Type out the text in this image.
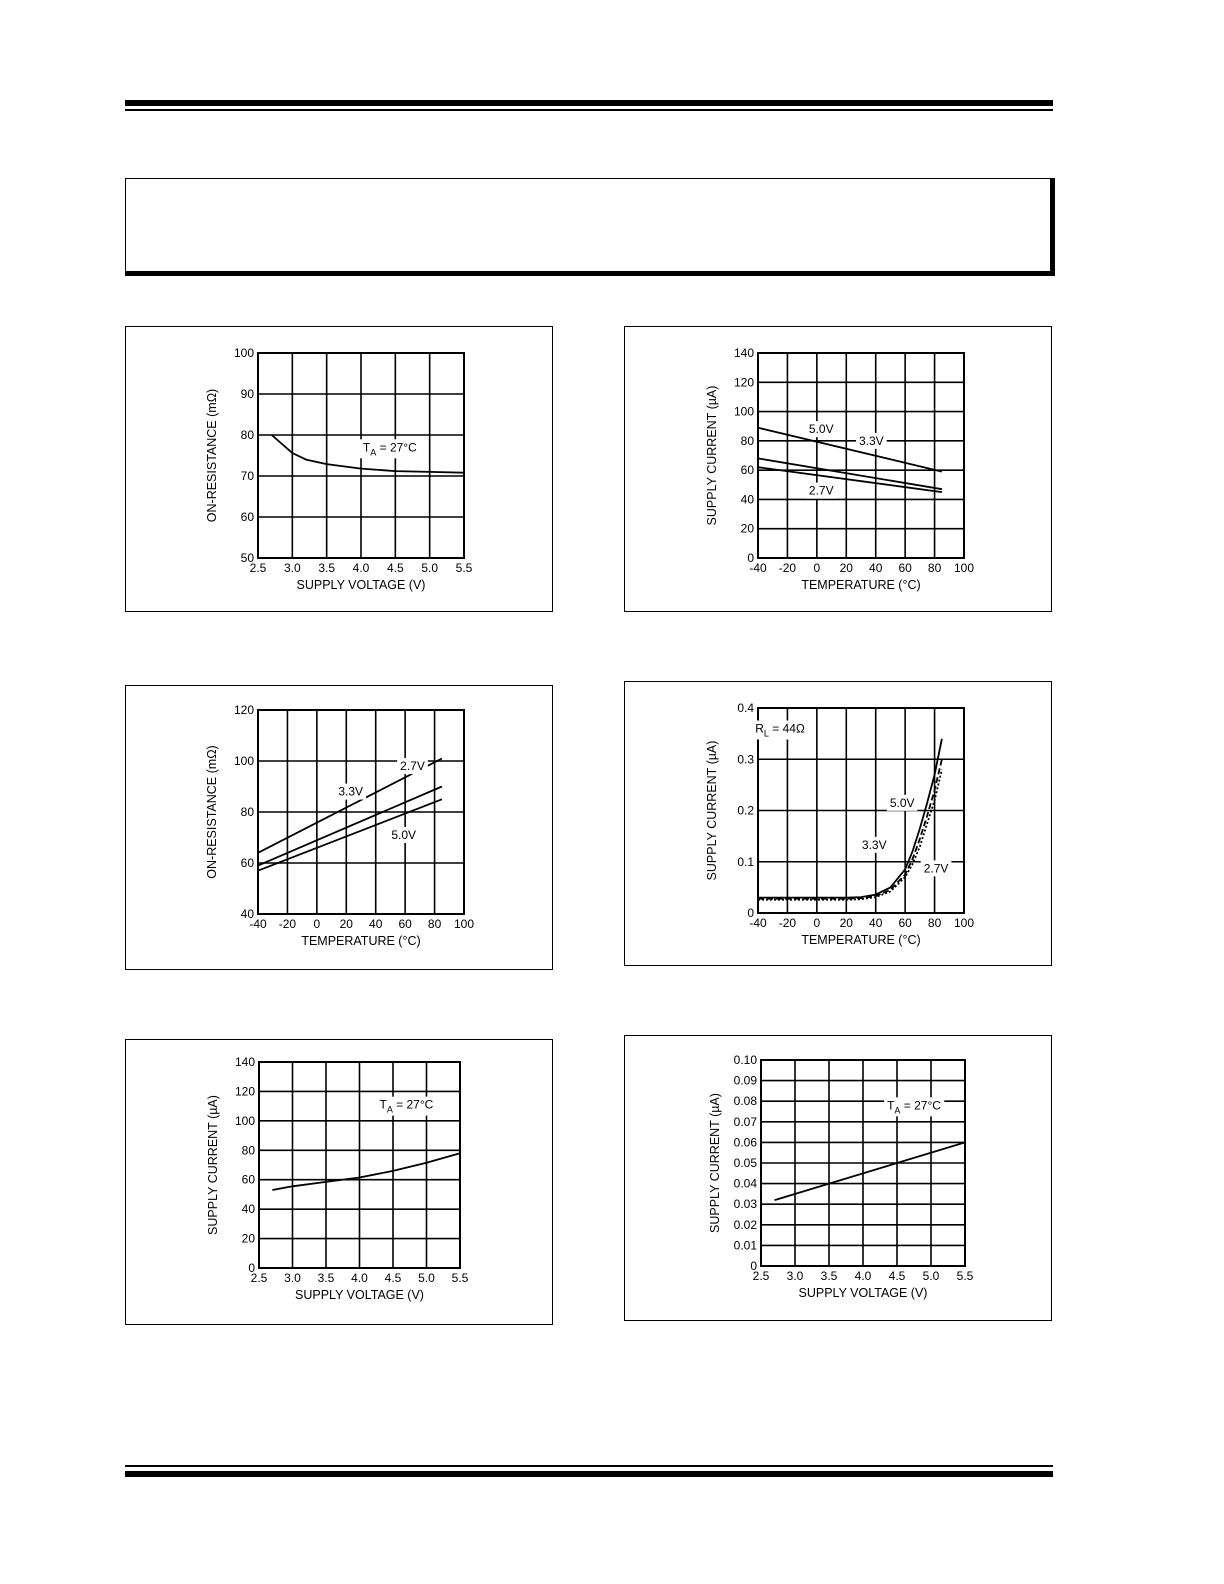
2.5 3.0 3.5 4.0 4.5 5.0 5.5
50
60
70
80
90
100
SUPPLY VOLTAGE (V)
ON-RESISTANCE (mΩ)	$T_A = 27^\circ C$
-40 -20 0 20 40 60 80 100
0
20
40
60
80
100
120
140
TEMPERATURE (°C)
SUPPLY CURRENT (µA)	5.0V
3.3V
2.7V
-40 -20 0 20 40 60 80 100
40
60
80
100
120
TEMPERATURE (°C)
ON-RESISTANCE (mΩ)	2.7V
3.3V
5.0V
-40 -20 0 20 40 60 80 100
0
0.1
0.2
0.3
0.4
TEMPERATURE (°C)
SUPPLY CURRENT (µA)
$R_L = 44\Omega$
5.0V
3.3V
2.7V
2.5 3.0 3.5 4.0 4.5 5.0 5.5
0
20
40
60
80
100
120
140
SUPPLY VOLTAGE (V)
SUPPLY CURRENT (µA)	$T_A = 27^\circ C$
2.5 3.0 3.5 4.0 4.5 5.0 5.5
0
0.01
0.02
0.03
0.04
0.05
0.06
0.07
0.08
0.09
0.10
SUPPLY VOLTAGE (V)
SUPPLY CURRENT (µA)	$T_A = 27^\circ C$
